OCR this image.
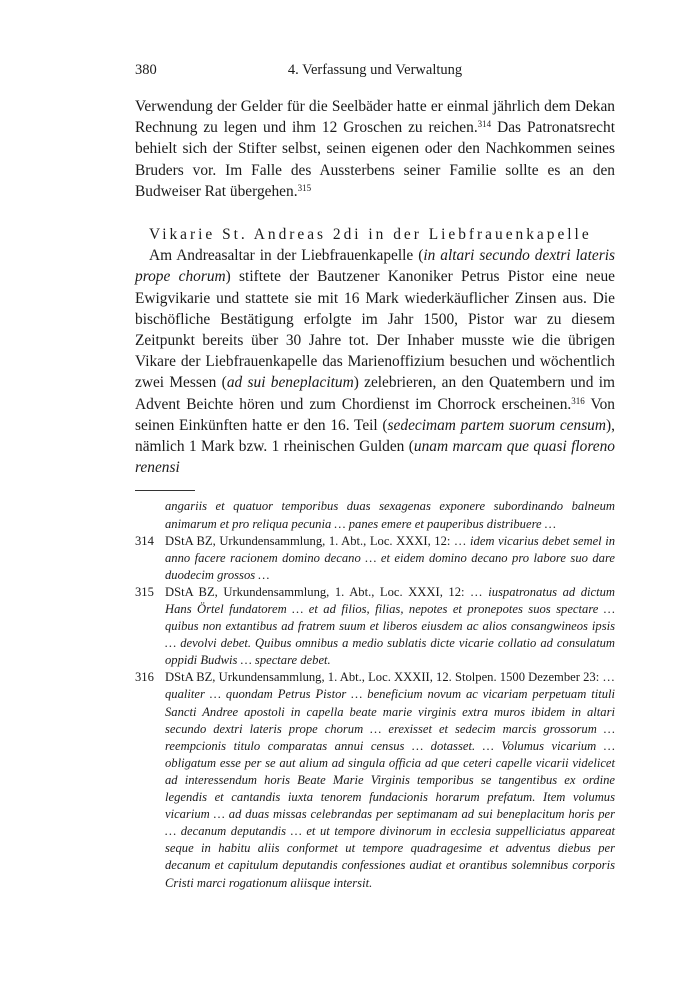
380	4. Verfassung und Verwaltung

Verwendung der Gelder für die Seelbäder hatte er einmal jährlich dem Dekan Rechnung zu legen und ihm 12 Groschen zu reichen.$^{314}$ Das Patronatsrecht behielt sich der Stifter selbst, seinen eigenen oder den Nachkommen seines Bruders vor. Im Falle des Aussterbens seiner Familie sollte es an den Budweiser Rat übergehen.$^{315}$

Vikarie St. Andreas 2di in der Liebfrauenkapelle

Am Andreasaltar in der Liebfrauenkapelle (in altari secundo dextri lateris prope chorum) stiftete der Bautzener Kanoniker Petrus Pistor eine neue Ewigvikarie und stattete sie mit 16 Mark wiederkäuflicher Zinsen aus. Die bischöfliche Bestätigung erfolgte im Jahr 1500, Pistor war zu diesem Zeitpunkt bereits über 30 Jahre tot. Der Inhaber musste wie die übrigen Vikare der Liebfrauenkapelle das Marienoffizium besuchen und wöchentlich zwei Messen (ad sui beneplacitum) zelebrieren, an den Quatembern und im Advent Beichte hören und zum Chordienst im Chorrock erscheinen.$^{316}$ Von seinen Einkünften hatte er den 16. Teil (sedecimam partem suorum censum), nämlich 1 Mark bzw. 1 rheinischen Gulden (unam marcam que quasi floreno renensi

angariis et quatuor temporibus duas sexagenas exponere subordinando balneum animarum et pro reliqua pecunia … panes emere et pauperibus distribuere …
314 DStA BZ, Urkundensammlung, 1. Abt., Loc. XXXI, 12: … idem vicarius debet semel in anno facere racionem domino decano … et eidem domino decano pro labore suo dare duodecim grossos …
315 DStA BZ, Urkundensammlung, 1. Abt., Loc. XXXI, 12: … iuspatronatus ad dictum Hans Örtel fundatorem … et ad filios, filias, nepotes et pronepotes suos spectare … quibus non extantibus ad fratrem suum et liberos eiusdem ac alios consangwineos ipsis … devolvi debet. Quibus omnibus a medio sublatis dicte vicarie collatio ad consulatum oppidi Budwis … spectare debet.
316 DStA BZ, Urkundensammlung, 1. Abt., Loc. XXXII, 12. Stolpen. 1500 Dezember 23: … qualiter … quondam Petrus Pistor … beneficium novum ac vicariam perpetuam tituli Sancti Andree apostoli in capella beate marie virginis extra muros ibidem in altari secundo dextri lateris prope chorum … erexisset et sedecim marcis grossorum … reempcionis titulo comparatas annui census … dotasset. … Volumus vicarium … obligatum esse per se aut alium ad singula officia ad que ceteri capelle vicarii videlicet ad interessendum horis Beate Marie Virginis temporibus se tangentibus ex ordine legendis et cantandis iuxta tenorem fundacionis horarum prefatum. Item volumus vicarium … ad duas missas celebrandas per septimanam ad sui beneplacitum horis per … decanum deputandis … et ut tempore divinorum in ecclesia suppelliciatus appareat seque in habitu aliis conformet ut tempore quadragesime et adventus diebus per decanum et capitulum deputandis confessiones audiat et orantibus solemnibus corporis Cristi marci rogationum aliisque intersit.
